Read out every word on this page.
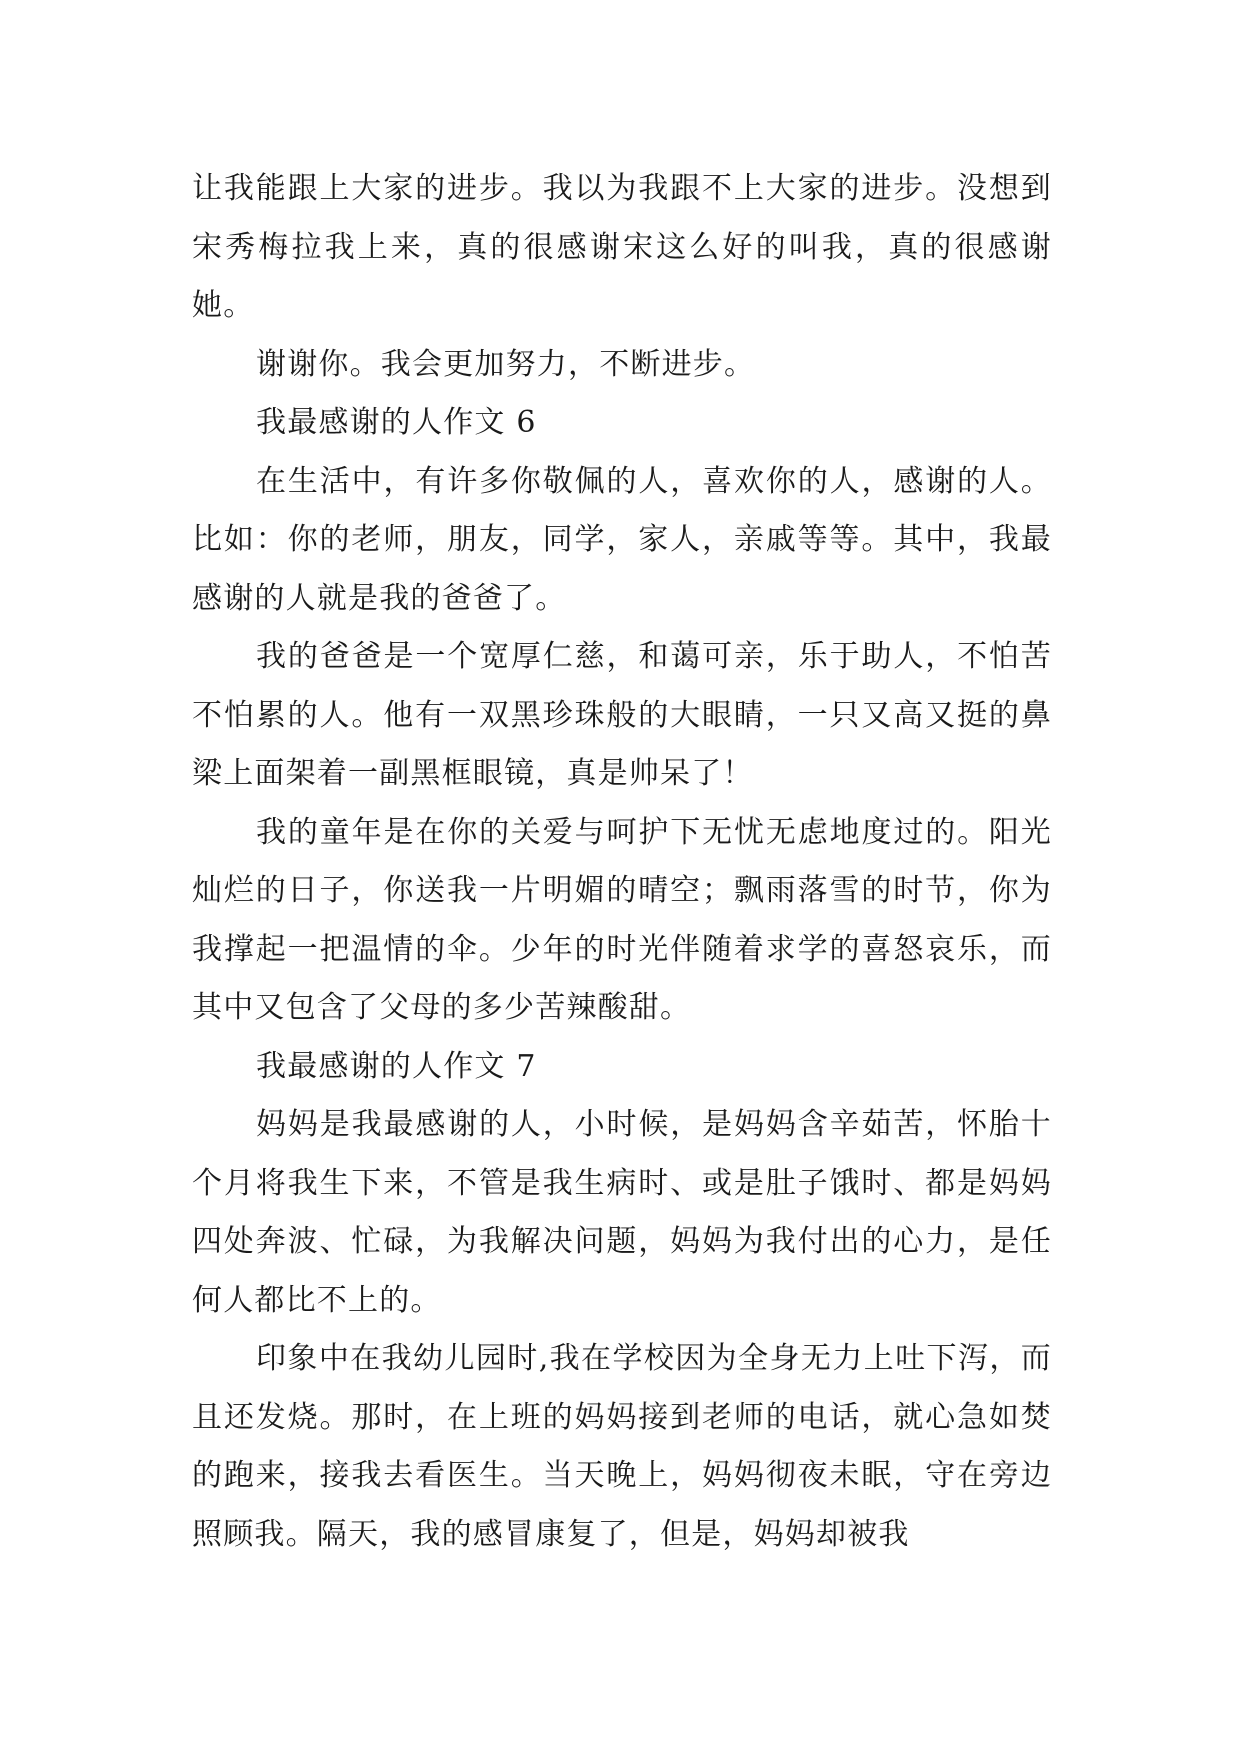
让我能跟上大家的进步。我以为我跟不上大家的进步。没想到宋秀梅拉我上来，真的很感谢宋这么好的叫我，真的很感谢她。

谢谢你。我会更加努力，不断进步。

我最感谢的人作文 6

在生活中，有许多你敬佩的人，喜欢你的人，感谢的人。比如：你的老师，朋友，同学，家人，亲戚等等。其中，我最感谢的人就是我的爸爸了。

我的爸爸是一个宽厚仁慈，和蔼可亲，乐于助人，不怕苦不怕累的人。他有一双黑珍珠般的大眼睛，一只又高又挺的鼻梁上面架着一副黑框眼镜，真是帅呆了！

我的童年是在你的关爱与呵护下无忧无虑地度过的。阳光灿烂的日子，你送我一片明媚的晴空；飘雨落雪的时节，你为我撑起一把温情的伞。少年的时光伴随着求学的喜怒哀乐，而其中又包含了父母的多少苦辣酸甜。

我最感谢的人作文 7

妈妈是我最感谢的人，小时候，是妈妈含辛茹苦，怀胎十个月将我生下来，不管是我生病时、或是肚子饿时、都是妈妈四处奔波、忙碌，为我解决问题，妈妈为我付出的心力，是任何人都比不上的。

印象中在我幼儿园时,我在学校因为全身无力上吐下泻，而且还发烧。那时，在上班的妈妈接到老师的电话，就心急如焚的跑来，接我去看医生。当天晚上，妈妈彻夜未眠，守在旁边照顾我。隔天，我的感冒康复了，但是，妈妈却被我
